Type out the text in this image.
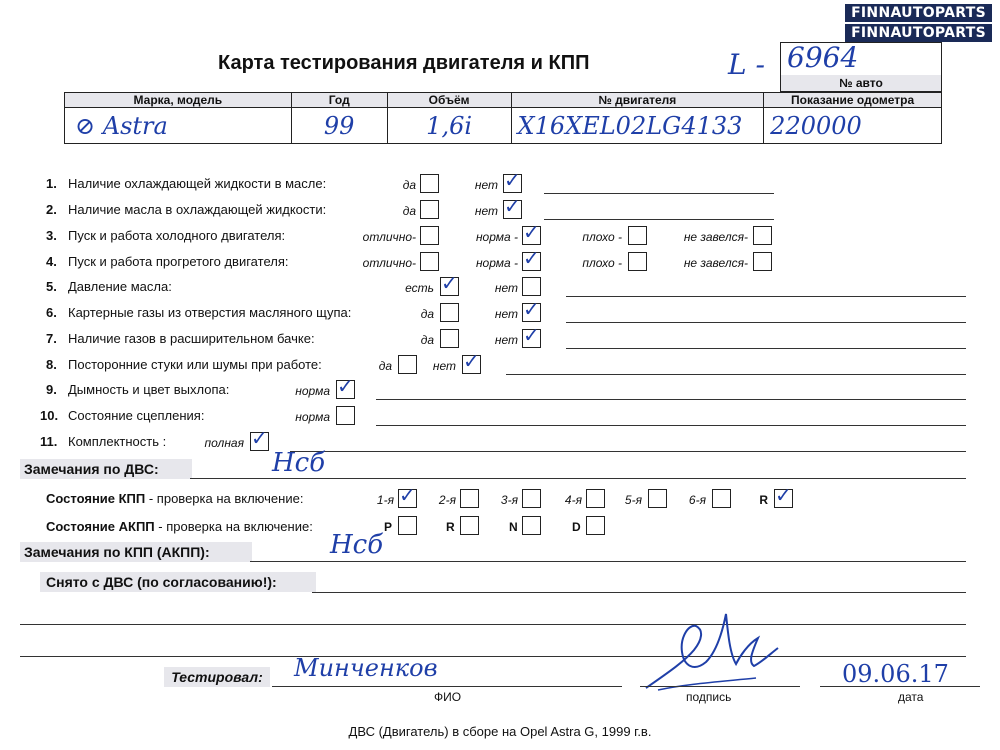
FINNAUTOPARTS
FINNAUTOPARTS
Карта тестирования двигателя и КПП	L - 6964
№ авто
Марка, модель	Год	Объём	№ двигателя	Показание одометра
⊘ Astra	99	1,6i	X16XEL02LG4133	220000
1. Наличие охлаждающей жидкости в масле:	да	нет ✓
2. Наличие масла в охлаждающей жидкости:	да	нет ✓
3. Пуск и работа холодного двигателя:	отлично-	норма - ✓	плохо -	не завелся-
4. Пуск и работа прогретого двигателя:	отлично-	норма - ✓	плохо -	не завелся-
5. Давление масла:	есть ✓	нет
6. Картерные газы из отверстия масляного щупа:	да	нет ✓
7. Наличие газов в расширительном бачке:	да	нет ✓
8. Посторонние стуки или шумы при работе:	да	нет ✓
9. Дымность и цвет выхлопа:	норма ✓
10. Состояние сцепления:	норма
11. Комплектность :	полная ✓
Замечания по ДВС:	Нсб
Состояние КПП - проверка на включение:	1-я ✓	2-я	3-я	4-я	5-я	6-я	R ✓
Состояние АКПП - проверка на включение:	P	R	N	D
Замечания по КПП (АКПП):	Нсб
Снято с ДВС (по согласованию!):
Тестировал:	Минченков
ФИО	подпись
09.06.17
дата
ДВС (Двигатель) в сборе на Opel Astra G, 1999 г.в.
